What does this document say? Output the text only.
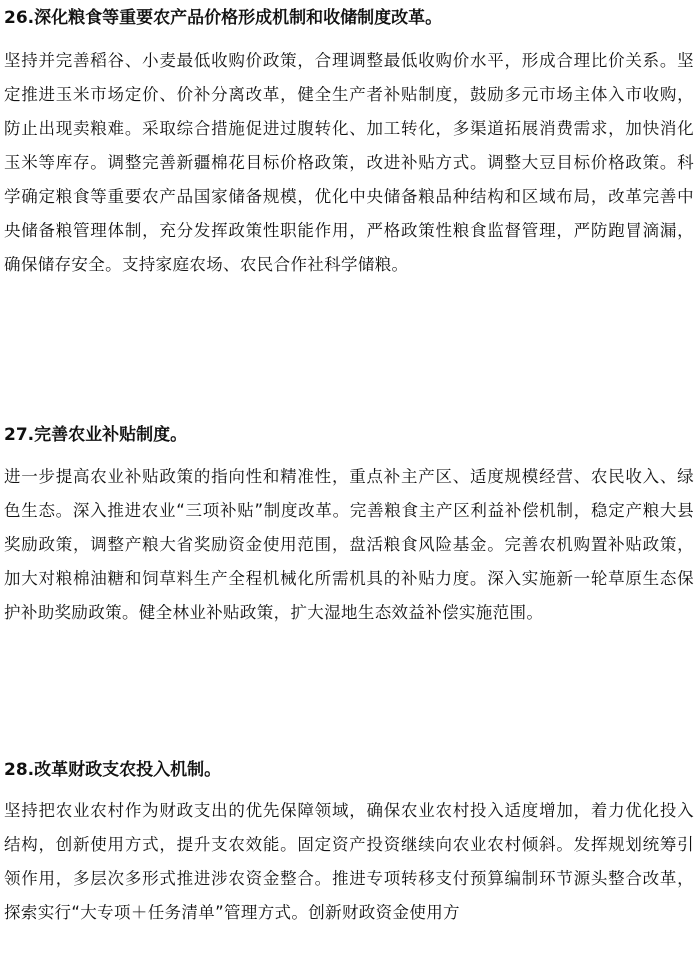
26.深化粮食等重要农产品价格形成机制和收储制度改革。

坚持并完善稻谷、小麦最低收购价政策，合理调整最低收购价水平，形成合理比价关系。坚定推进玉米市场定价、价补分离改革，健全生产者补贴制度，鼓励多元市场主体入市收购，防止出现卖粮难。采取综合措施促进过腹转化、加工转化，多渠道拓展消费需求，加快消化玉米等库存。调整完善新疆棉花目标价格政策，改进补贴方式。调整大豆目标价格政策。科学确定粮食等重要农产品国家储备规模，优化中央储备粮品种结构和区域布局，改革完善中央储备粮管理体制，充分发挥政策性职能作用，严格政策性粮食监督管理，严防跑冒滴漏，确保储存安全。支持家庭农场、农民合作社科学储粮。

27.完善农业补贴制度。

进一步提高农业补贴政策的指向性和精准性，重点补主产区、适度规模经营、农民收入、绿色生态。深入推进农业“三项补贴”制度改革。完善粮食主产区利益补偿机制，稳定产粮大县奖励政策，调整产粮大省奖励资金使用范围，盘活粮食风险基金。完善农机购置补贴政策，加大对粮棉油糖和饲草料生产全程机械化所需机具的补贴力度。深入实施新一轮草原生态保护补助奖励政策。健全林业补贴政策，扩大湿地生态效益补偿实施范围。

28.改革财政支农投入机制。

坚持把农业农村作为财政支出的优先保障领域，确保农业农村投入适度增加，着力优化投入结构，创新使用方式，提升支农效能。固定资产投资继续向农业农村倾斜。发挥规划统筹引领作用，多层次多形式推进涉农资金整合。推进专项转移支付预算编制环节源头整合改革，探索实行“大专项＋任务清单”管理方式。创新财政资金使用方
